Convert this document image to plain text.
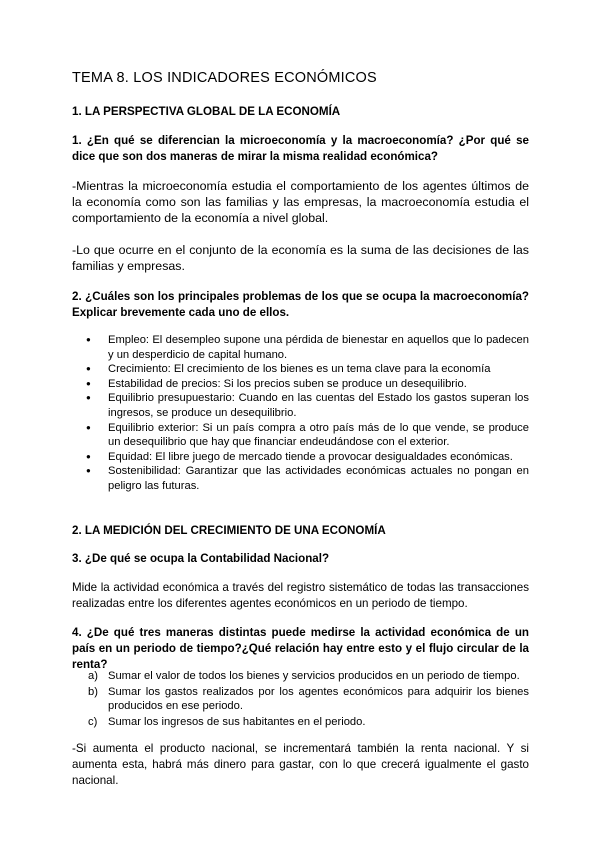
TEMA 8. LOS INDICADORES ECONÓMICOS
1. LA PERSPECTIVA GLOBAL DE LA ECONOMÍA
1. ¿En qué se diferencian la microeconomía y la macroeconomía? ¿Por qué se dice que son dos maneras de mirar la misma realidad económica?
-Mientras la microeconomía estudia el comportamiento de los agentes últimos de la economía como son las familias y las empresas, la macroeconomía estudia el comportamiento de la economía a nivel global.
-Lo que ocurre en el conjunto de la economía es la suma de las decisiones de las familias y empresas.
2. ¿Cuáles son los principales problemas de los que se ocupa la macroeconomía? Explicar brevemente cada uno de ellos.
● Empleo: El desempleo supone una pérdida de bienestar en aquellos que lo padecen y un desperdicio de capital humano.
● Crecimiento: El crecimiento de los bienes es un tema clave para la economía
● Estabilidad de precios: Si los precios suben se produce un desequilibrio.
● Equilibrio presupuestario: Cuando en las cuentas del Estado los gastos superan los ingresos, se produce un desequilibrio.
● Equilibrio exterior: Si un país compra a otro país más de lo que vende, se produce un desequilibrio que hay que financiar endeudándose con el exterior.
● Equidad: El libre juego de mercado tiende a provocar desigualdades económicas.
● Sostenibilidad: Garantizar que las actividades económicas actuales no pongan en peligro las futuras.
2. LA MEDICIÓN DEL CRECIMIENTO DE UNA ECONOMÍA
3. ¿De qué se ocupa la Contabilidad Nacional?
Mide la actividad económica a través del registro sistemático de todas las transacciones realizadas entre los diferentes agentes económicos en un periodo de tiempo.
4. ¿De qué tres maneras distintas puede medirse la actividad económica de un país en un periodo de tiempo?¿Qué relación hay entre esto y el flujo circular de la renta?
a) Sumar el valor de todos los bienes y servicios producidos en un periodo de tiempo.
b) Sumar los gastos realizados por los agentes económicos para adquirir los bienes producidos en ese periodo.
c) Sumar los ingresos de sus habitantes en el periodo.
-Si aumenta el producto nacional, se incrementará también la renta nacional. Y si aumenta esta, habrá más dinero para gastar, con lo que crecerá igualmente el gasto nacional.
